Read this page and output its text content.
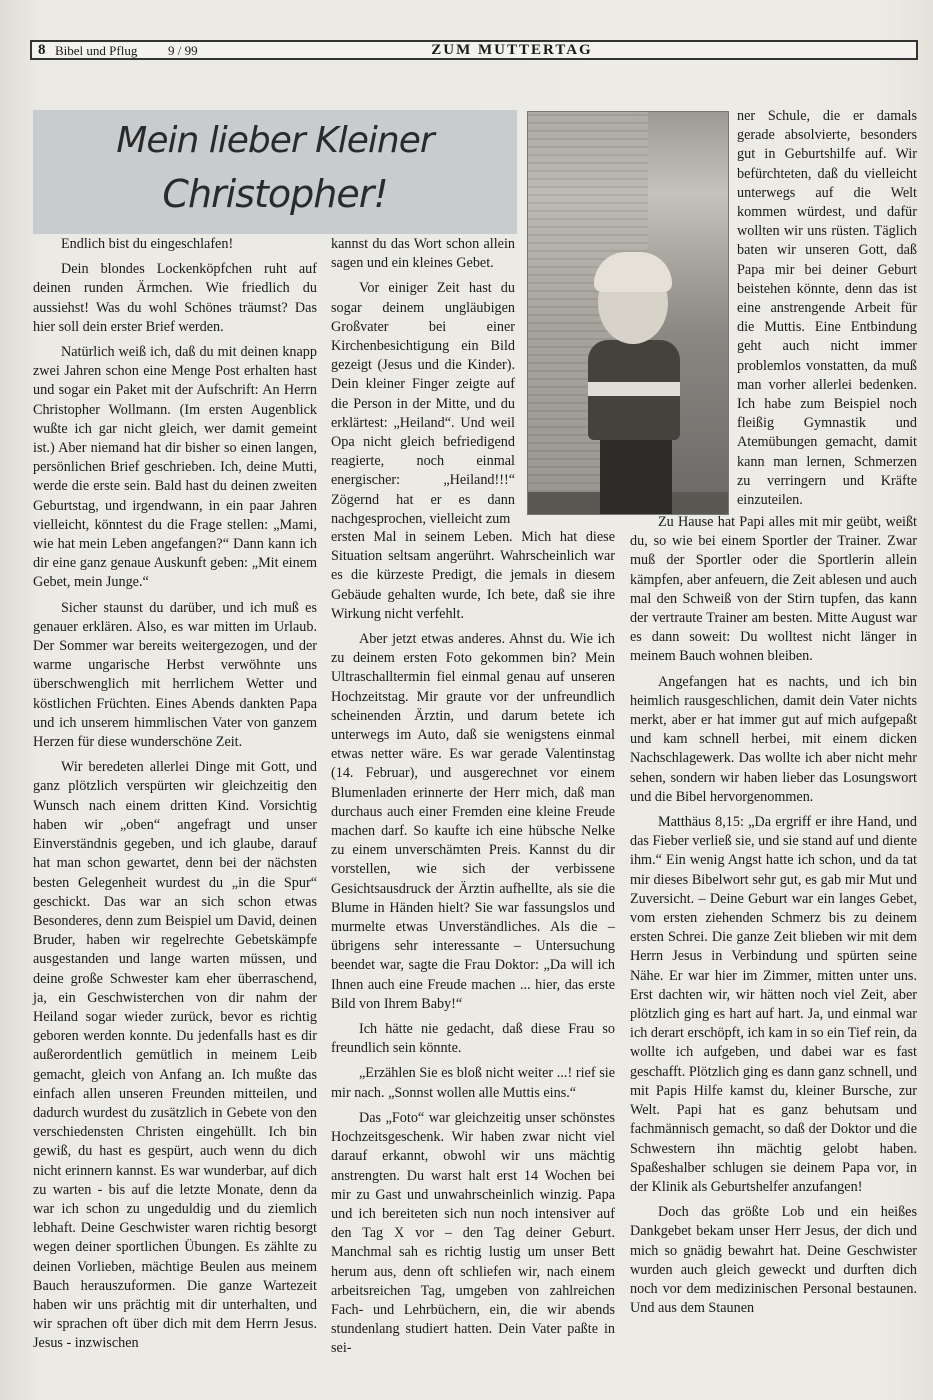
8 Bibel und Pflug 9 / 99	ZUM MUTTERTAG
Mein lieber Kleiner
Christopher!

Endlich bist du eingeschlafen!

Dein blondes Lockenköpfchen ruht auf deinen runden Ärmchen. Wie friedlich du aussiehst! Was du wohl Schönes träumst? Das hier soll dein erster Brief werden.

Natürlich weiß ich, daß du mit deinen knapp zwei Jahren schon eine Menge Post erhalten hast und sogar ein Paket mit der Aufschrift: An Herrn Christopher Wollmann. (Im ersten Augenblick wußte ich gar nicht gleich, wer damit gemeint ist.) Aber niemand hat dir bisher so einen langen, persönlichen Brief geschrieben. Ich, deine Mutti, werde die erste sein. Bald hast du deinen zweiten Geburtstag, und irgendwann, in ein paar Jahren vielleicht, könntest du die Frage stellen: „Mami, wie hat mein Leben angefangen?“ Dann kann ich dir eine ganz genaue Auskunft geben: „Mit einem Gebet, mein Junge.“

Sicher staunst du darüber, und ich muß es genauer erklären. Also, es war mitten im Urlaub. Der Sommer war bereits weitergezogen, und der warme ungarische Herbst verwöhnte uns überschwenglich mit herrlichem Wetter und köstlichen Früchten. Eines Abends dankten Papa und ich unserem himmlischen Vater von ganzem Herzen für diese wunderschöne Zeit.

Wir beredeten allerlei Dinge mit Gott, und ganz plötzlich verspürten wir gleichzeitig den Wunsch nach einem dritten Kind. Vorsichtig haben wir „oben“ angefragt und unser Einverständnis gegeben, und ich glaube, darauf hat man schon gewartet, denn bei der nächsten besten Gelegenheit wurdest du „in die Spur“ geschickt. Das war an sich schon etwas Besonderes, denn zum Beispiel um David, deinen Bruder, haben wir regelrechte Gebetskämpfe ausgestanden und lange warten müssen, und deine große Schwester kam eher überraschend, ja, ein Geschwisterchen von dir nahm der Heiland sogar wieder zurück, bevor es richtig geboren werden konnte. Du jedenfalls hast es dir außerordentlich gemütlich in meinem Leib gemacht, gleich von Anfang an. Ich mußte das einfach allen unseren Freunden mitteilen, und dadurch wurdest du zusätzlich in Gebete von den verschiedensten Christen eingehüllt. Ich bin gewiß, du hast es gespürt, auch wenn du dich nicht erinnern kannst. Es war wunderbar, auf dich zu warten - bis auf die letzte Monate, denn da war ich schon zu ungeduldig und du ziemlich lebhaft. Deine Geschwister waren richtig besorgt wegen deiner sportlichen Übungen. Es zählte zu deinen Vorlieben, mächtige Beulen aus meinem Bauch herauszuformen. Die ganze Wartezeit haben wir uns prächtig mit dir unterhalten, und wir sprachen oft über dich mit dem Herrn Jesus. Jesus - inzwischen

kannst du das Wort schon allein sagen und ein kleines Gebet.

Vor einiger Zeit hast du sogar deinem ungläubigen Großvater bei einer Kirchenbesichtigung ein Bild gezeigt (Jesus und die Kinder). Dein kleiner Finger zeigte auf die Person in der Mitte, und du erklärtest: „Heiland“. Und weil Opa nicht gleich befriedigend reagierte, noch einmal energischer: „Heiland!!!“ Zögernd hat er es dann nachgesprochen, vielleicht zum

ersten Mal in seinem Leben. Mich hat diese Situation seltsam angerührt. Wahrscheinlich war es die kürzeste Predigt, die jemals in diesem Gebäude gehalten wurde, Ich bete, daß sie ihre Wirkung nicht verfehlt.

Aber jetzt etwas anderes. Ahnst du. Wie ich zu deinem ersten Foto gekommen bin? Mein Ultraschalltermin fiel einmal genau auf unseren Hochzeitstag. Mir graute vor der unfreundlich scheinenden Ärztin, und darum betete ich unterwegs im Auto, daß sie wenigstens einmal etwas netter wäre. Es war gerade Valentinstag (14. Februar), und ausgerechnet vor einem Blumenladen erinnerte der Herr mich, daß man durchaus auch einer Fremden eine kleine Freude machen darf. So kaufte ich eine hübsche Nelke zu einem unverschämten Preis. Kannst du dir vorstellen, wie sich der verbissene Gesichtsausdruck der Ärztin aufhellte, als sie die Blume in Händen hielt? Sie war fassungslos und murmelte etwas Unverständliches. Als die – übrigens sehr interessante – Untersuchung beendet war, sagte die Frau Doktor: „Da will ich Ihnen auch eine Freude machen ... hier, das erste Bild von Ihrem Baby!“

Ich hätte nie gedacht, daß diese Frau so freundlich sein könnte.

„Erzählen Sie es bloß nicht weiter ...! rief sie mir nach. „Sonnst wollen alle Muttis eins.“

Das „Foto“ war gleichzeitig unser schönstes Hochzeitsgeschenk. Wir haben zwar nicht viel darauf erkannt, obwohl wir uns mächtig anstrengten. Du warst halt erst 14 Wochen bei mir zu Gast und unwahrscheinlich winzig. Papa und ich bereiteten sich nun noch intensiver auf den Tag X vor – den Tag deiner Geburt. Manchmal sah es richtig lustig um unser Bett herum aus, denn oft schliefen wir, nach einem arbeitsreichen Tag, umgeben von zahlreichen Fach- und Lehrbüchern, ein, die wir abends stundenlang studiert hatten. Dein Vater paßte in sei-

ner Schule, die er damals gerade absolvierte, besonders gut in Geburtshilfe auf. Wir befürchteten, daß du vielleicht unterwegs auf die Welt kommen würdest, und dafür wollten wir uns rüsten. Täglich baten wir unseren Gott, daß Papa mir bei deiner Geburt beistehen könnte, denn das ist eine anstrengende Arbeit für die Muttis. Eine Entbindung geht auch nicht immer problemlos vonstatten, da muß man vorher allerlei bedenken. Ich habe zum Beispiel noch fleißig Gymnastik und Atemübungen gemacht, damit kann man lernen, Schmerzen zu verringern und Kräfte einzuteilen.

Zu Hause hat Papi alles mit mir geübt, weißt du, so wie bei einem Sportler der Trainer. Zwar muß der Sportler oder die Sportlerin allein kämpfen, aber anfeuern, die Zeit ablesen und auch mal den Schweiß von der Stirn tupfen, das kann der vertraute Trainer am besten. Mitte August war es dann soweit: Du wolltest nicht länger in meinem Bauch wohnen bleiben.

Angefangen hat es nachts, und ich bin heimlich rausgeschlichen, damit dein Vater nichts merkt, aber er hat immer gut auf mich aufgepaßt und kam schnell herbei, mit einem dicken Nachschlagewerk. Das wollte ich aber nicht mehr sehen, sondern wir haben lieber das Losungswort und die Bibel hervorgenommen.

Matthäus 8,15: „Da ergriff er ihre Hand, und das Fieber verließ sie, und sie stand auf und diente ihm.“ Ein wenig Angst hatte ich schon, und da tat mir dieses Bibelwort sehr gut, es gab mir Mut und Zuversicht. – Deine Geburt war ein langes Gebet, vom ersten ziehenden Schmerz bis zu deinem ersten Schrei. Die ganze Zeit blieben wir mit dem Herrn Jesus in Verbindung und spürten seine Nähe. Er war hier im Zimmer, mitten unter uns. Erst dachten wir, wir hätten noch viel Zeit, aber plötzlich ging es hart auf hart. Ja, und einmal war ich derart erschöpft, ich kam in so ein Tief rein, da wollte ich aufgeben, und dabei war es fast geschafft. Plötzlich ging es dann ganz schnell, und mit Papis Hilfe kamst du, kleiner Bursche, zur Welt. Papi hat es ganz behutsam und fachmännisch gemacht, so daß der Doktor und die Schwestern ihn mächtig gelobt haben. Spaßeshalber schlugen sie deinem Papa vor, in der Klinik als Geburtshelfer anzufangen!

Doch das größte Lob und ein heißes Dankgebet bekam unser Herr Jesus, der dich und mich so gnädig bewahrt hat. Deine Geschwister wurden auch gleich geweckt und durften dich noch vor dem medizinischen Personal bestaunen. Und aus dem Staunen
